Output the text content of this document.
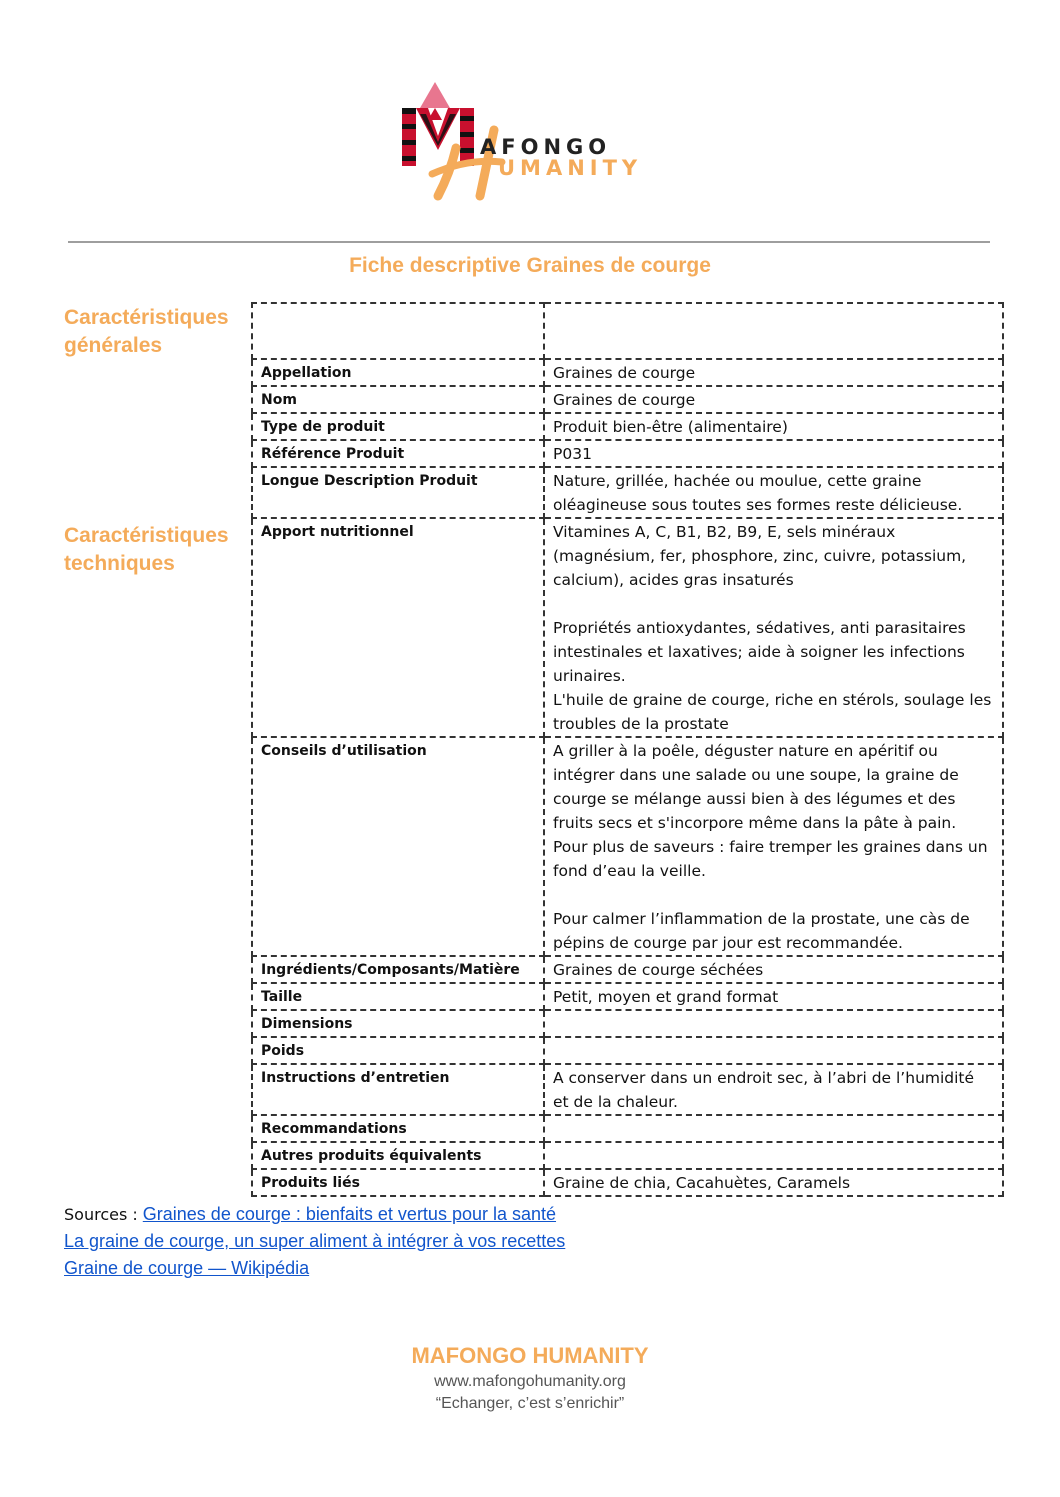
AFONGO
UMANITY
Fiche descriptive Graines de courge
Caractéristiques générales
Caractéristiques techniques

Appellation	Graines de courge
Nom	Graines de courge
Type de produit	Produit bien-être (alimentaire)
Référence Produit	P031
Longue Description Produit	Nature, grillée, hachée ou moulue, cette graine oléagineuse sous toutes ses formes reste délicieuse.
Apport nutritionnel	Vitamines A, C, B1, B2, B9, E, sels minéraux (magnésium, fer, phosphore, zinc, cuivre, potassium, calcium), acides gras insaturés

Propriétés antioxydantes, sédatives, anti parasitaires intestinales et laxatives; aide à soigner les infections urinaires.
L'huile de graine de courge, riche en stérols, soulage les troubles de la prostate
Conseils d’utilisation	A griller à la poêle, déguster nature en apéritif ou intégrer dans une salade ou une soupe, la graine de courge se mélange aussi bien à des légumes et des fruits secs et s'incorpore même dans la pâte à pain.
Pour plus de saveurs : faire tremper les graines dans un fond d’eau la veille.

Pour calmer l’inflammation de la prostate, une càs de pépins de courge par jour est recommandée.
Ingrédients/Composants/Matière	Graines de courge séchées
Taille	Petit, moyen et grand format
Dimensions	
Poids	
Instructions d’entretien	A conserver dans un endroit sec, à l’abri de l’humidité et de la chaleur.
Recommandations	
Autres produits équivalents	
Produits liés	Graine de chia, Cacahuètes, Caramels
Sources : Graines de courge : bienfaits et vertus pour la santé
La graine de courge, un super aliment à intégrer à vos recettes
Graine de courge — Wikipédia
MAFONGO HUMANITY
www.mafongohumanity.org
“Echanger, c’est s’enrichir”
